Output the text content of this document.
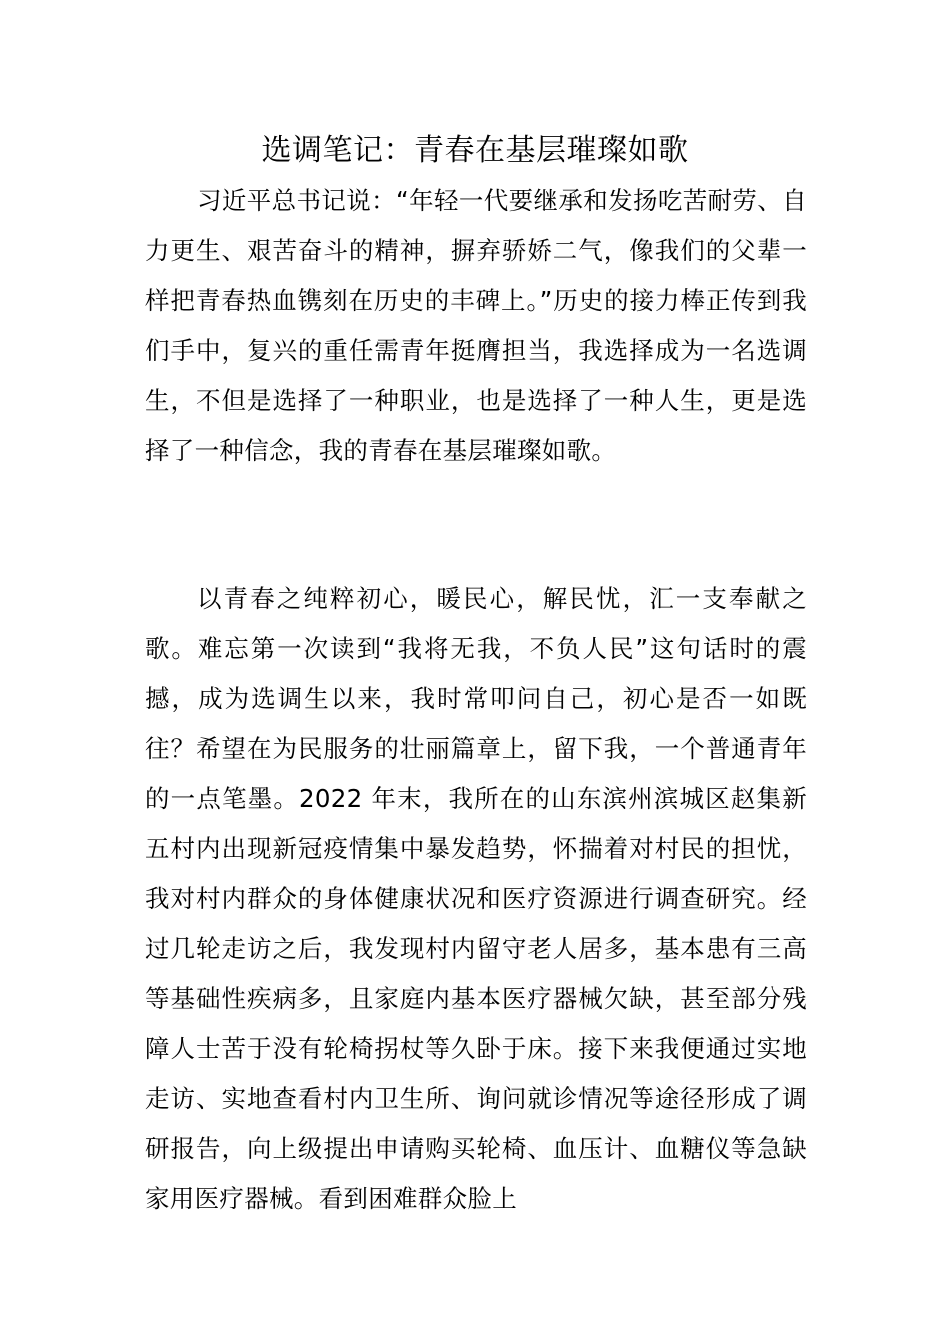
选调笔记：青春在基层璀璨如歌

习近平总书记说：“年轻一代要继承和发扬吃苦耐劳、自力更生、艰苦奋斗的精神，摒弃骄娇二气，像我们的父辈一样把青春热血镌刻在历史的丰碑上。”历史的接力棒正传到我们手中，复兴的重任需青年挺膺担当，我选择成为一名选调生，不但是选择了一种职业，也是选择了一种人生，更是选择了一种信念，我的青春在基层璀璨如歌。

以青春之纯粹初心，暖民心，解民忧，汇一支奉献之歌。难忘第一次读到“我将无我，不负人民”这句话时的震撼，成为选调生以来，我时常叩问自己，初心是否一如既往？希望在为民服务的壮丽篇章上，留下我，一个普通青年的一点笔墨。2022 年末，我所在的山东滨州滨城区赵集新五村内出现新冠疫情集中暴发趋势，怀揣着对村民的担忧，我对村内群众的身体健康状况和医疗资源进行调查研究。经过几轮走访之后，我发现村内留守老人居多，基本患有三高等基础性疾病多，且家庭内基本医疗器械欠缺，甚至部分残障人士苦于没有轮椅拐杖等久卧于床。接下来我便通过实地走访、实地查看村内卫生所、询问就诊情况等途径形成了调研报告，向上级提出申请购买轮椅、血压计、血糖仪等急缺家用医疗器械。看到困难群众脸上
